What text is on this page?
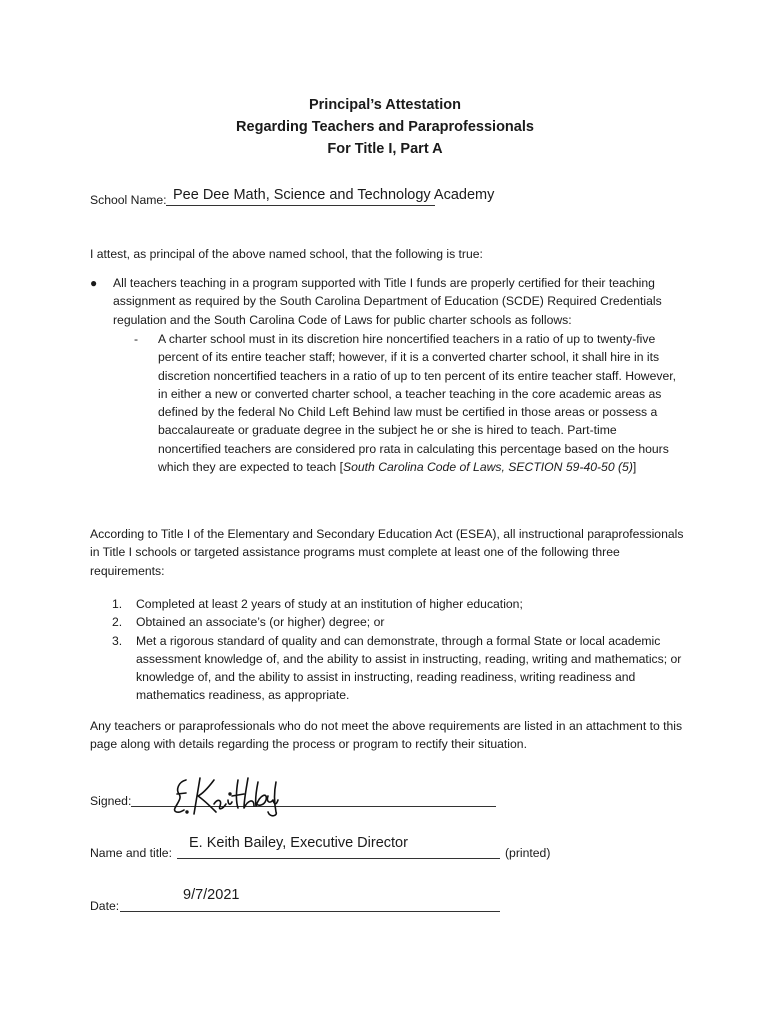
Principal’s Attestation
Regarding Teachers and Paraprofessionals
For Title I, Part A
School Name: Pee Dee Math, Science and Technology Academy
I attest, as principal of the above named school, that the following is true:
● All teachers teaching in a program supported with Title I funds are properly certified for their teaching assignment as required by the South Carolina Department of Education (SCDE) Required Credentials regulation and the South Carolina Code of Laws for public charter schools as follows:
- A charter school must in its discretion hire noncertified teachers in a ratio of up to twenty-five percent of its entire teacher staff; however, if it is a converted charter school, it shall hire in its discretion noncertified teachers in a ratio of up to ten percent of its entire teacher staff. However, in either a new or converted charter school, a teacher teaching in the core academic areas as defined by the federal No Child Left Behind law must be certified in those areas or possess a baccalaureate or graduate degree in the subject he or she is hired to teach. Part-time noncertified teachers are considered pro rata in calculating this percentage based on the hours which they are expected to teach [South Carolina Code of Laws, SECTION 59-40-50 (5)]
According to Title I of the Elementary and Secondary Education Act (ESEA), all instructional paraprofessionals in Title I schools or targeted assistance programs must complete at least one of the following three requirements:
1. Completed at least 2 years of study at an institution of higher education;
2. Obtained an associate’s (or higher) degree; or
3. Met a rigorous standard of quality and can demonstrate, through a formal State or local academic assessment knowledge of, and the ability to assist in instructing, reading, writing and mathematics; or knowledge of, and the ability to assist in instructing, reading readiness, writing readiness and mathematics readiness, as appropriate.
Any teachers or paraprofessionals who do not meet the above requirements are listed in an attachment to this page along with details regarding the process or program to rectify their situation.
Signed:
Name and title:
E. Keith Bailey, Executive Director
(printed)
Date:
9/7/2021
